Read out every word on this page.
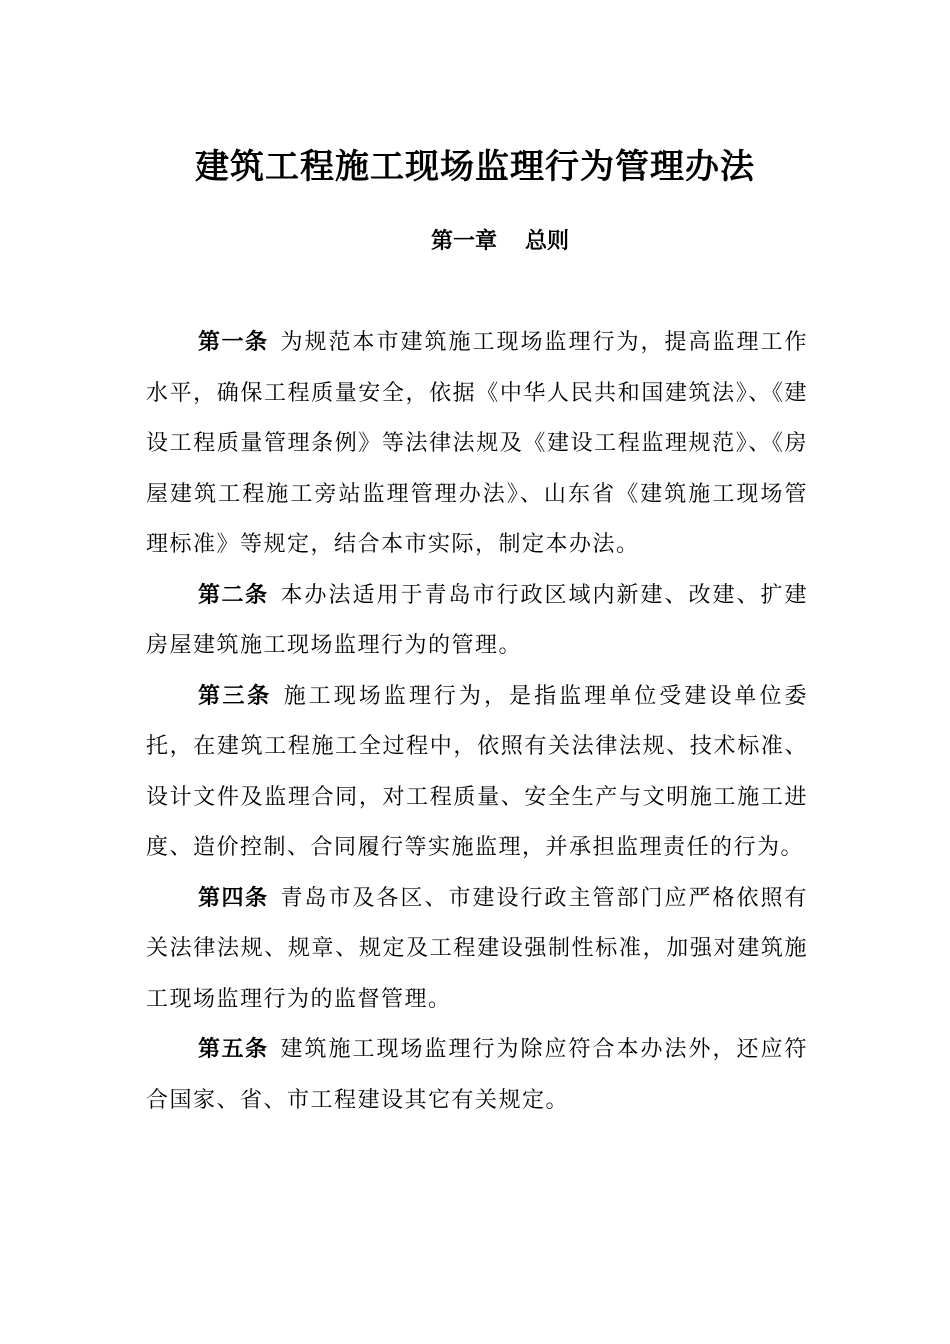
建筑工程施工现场监理行为管理办法
第一章 总则

第一条 为规范本市建筑施工现场监理行为，提高监理工作水平，确保工程质量安全，依据《中华人民共和国建筑法》、《建设工程质量管理条例》等法律法规及《建设工程监理规范》、《房屋建筑工程施工旁站监理管理办法》、山东省《建筑施工现场管理标准》等规定，结合本市实际，制定本办法。

第二条 本办法适用于青岛市行政区域内新建、改建、扩建房屋建筑施工现场监理行为的管理。

第三条 施工现场监理行为，是指监理单位受建设单位委托，在建筑工程施工全过程中，依照有关法律法规、技术标准、设计文件及监理合同，对工程质量、安全生产与文明施工施工进度、造价控制、合同履行等实施监理，并承担监理责任的行为。

第四条 青岛市及各区、市建设行政主管部门应严格依照有关法律法规、规章、规定及工程建设强制性标准，加强对建筑施工现场监理行为的监督管理。

第五条 建筑施工现场监理行为除应符合本办法外，还应符合国家、省、市工程建设其它有关规定。
